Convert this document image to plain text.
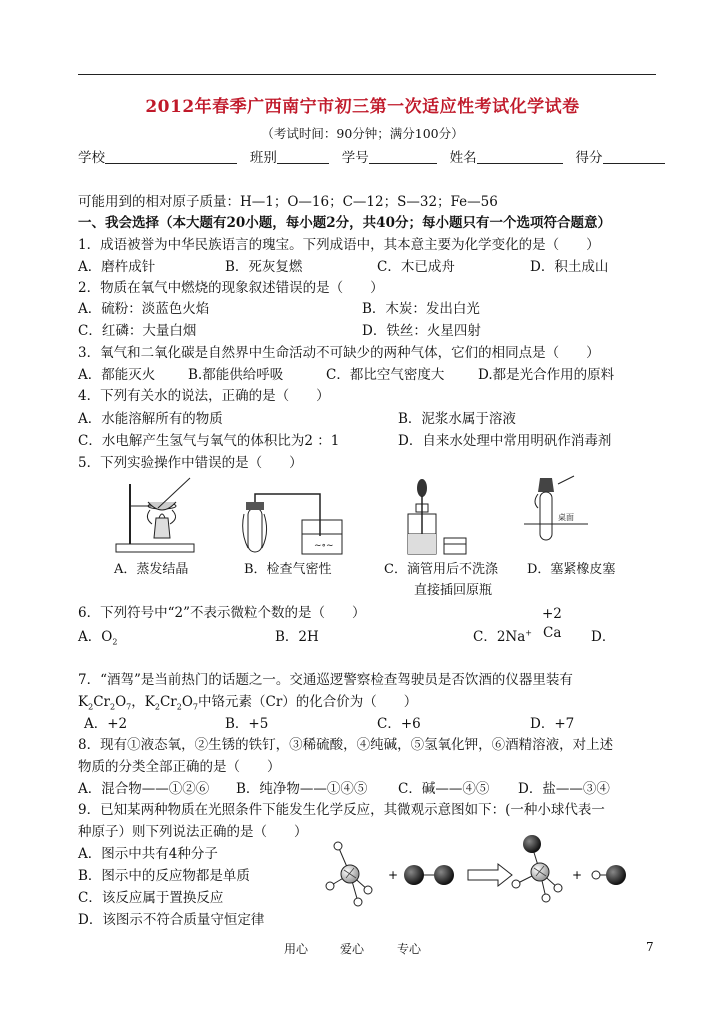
2012年春季广西南宁市初三第一次适应性考试化学试卷
（考试时间：90分钟；满分100分）
学校	班别	学号	姓名	得分
可能用到的相对原子质量：H—1；O—16；C—12；S—32；Fe—56
一、我会选择（本大题有20小题，每小题2分，共40分；每小题只有一个选项符合题意）
1．成语被誉为中华民族语言的瑰宝。下列成语中，其本意主要为化学变化的是（　　）
A．磨杵成针	B．死灰复燃	C．木已成舟	D．积土成山
2．物质在氧气中燃烧的现象叙述错误的是（　　）
A．硫粉：淡蓝色火焰	B．木炭：发出白光
C．红磷：大量白烟	D．铁丝：火星四射
3．氧气和二氧化碳是自然界中生命活动不可缺少的两种气体，它们的相同点是（　　）
A．都能灭火 B.都能供给呼吸	C．都比空气密度大 D.都是光合作用的原料
4．下列有关水的说法，正确的是（　　）
A．水能溶解所有的物质	B．泥浆水属于溶液
C．水电解产生氢气与氧气的体积比为2 ：1	D．自来水处理中常用明矾作消毒剂
5．下列实验操作中错误的是（　　）
~∘~
桌面
A．蒸发结晶	B．检查气密性	C．滴管用后不洗涤
直接插回原瓶
D．塞紧橡皮塞
6．下列符号中“2”不表示微粒个数的是（　　）
A．$O_2$	B．2H	C．2Na+
+2
Ca D．
7．“酒驾”是当前热门的话题之一。交通巡逻警察检查驾驶员是否饮酒的仪器里装有
$K_2Cr_2O_7$，$K_2Cr_2O_7$中铬元素（Cr）的化合价为（　　）
A．+2	B．+5	C．+6	D．+7
8．现有①液态氧，②生锈的铁钉，③稀硫酸，④纯碱，⑤氢氧化钾，⑥酒精溶液，对上述
物质的分类全部正确的是（　　）
A．混合物——①②⑥ B．纯净物——①④⑤ C．碱——④⑤ D．盐——③④
9．已知某两种物质在光照条件下能发生化学反应，其微观示意图如下：(一种小球代表一
种原子）则下列说法正确的是（　　）
A．图示中共有4种分子
B．图示中的反应物都是单质
C．该反应属于置换反应
D．该图示不符合质量守恒定律
+	+
用心	爱心	专心	7
